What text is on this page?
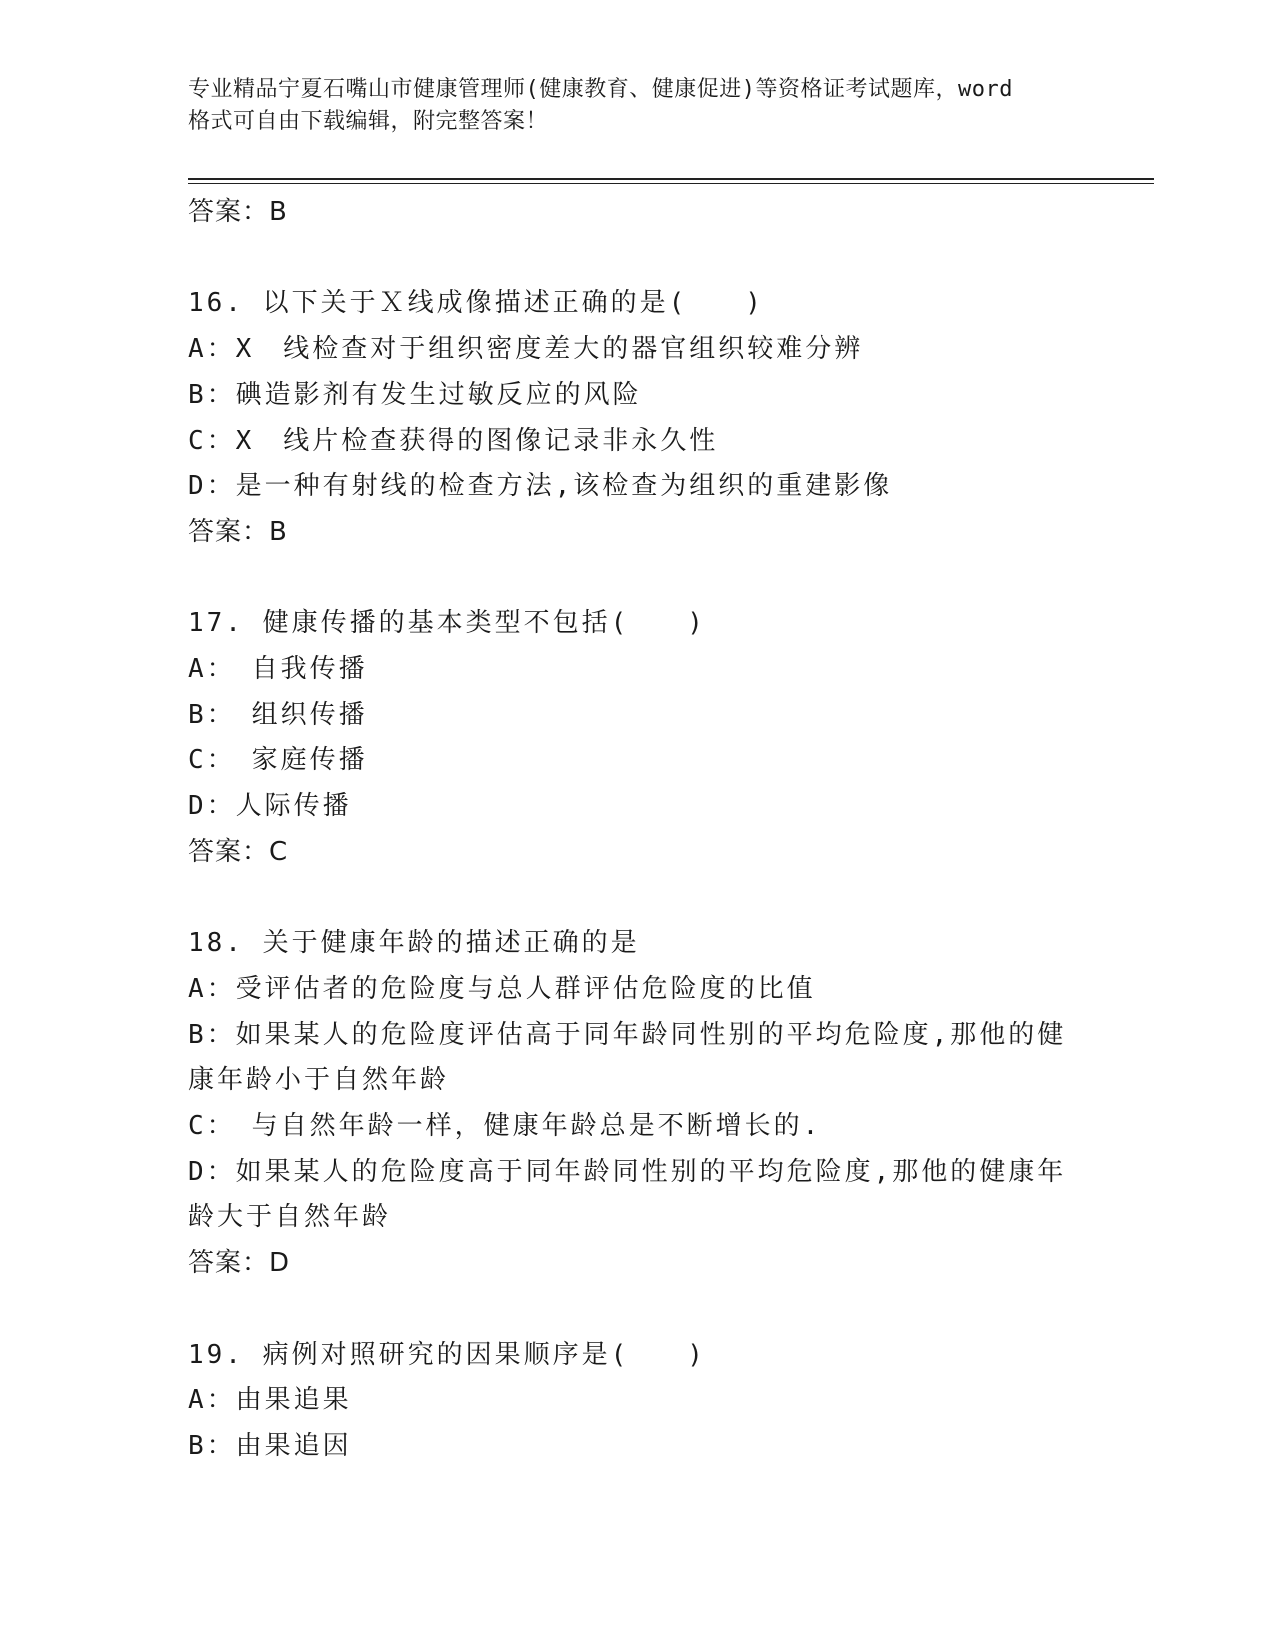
专业精品宁夏石嘴山市健康管理师(健康教育、健康促进)等资格证考试题库，word
格式可自由下载编辑，附完整答案！
答案：B
16. 以下关于Ｘ线成像描述正确的是(　　)
A：X　线检查对于组织密度差大的器官组织较难分辨
B：碘造影剂有发生过敏反应的风险
C：X　线片检查获得的图像记录非永久性
D：是一种有射线的检查方法,该检查为组织的重建影像
答案：B
17. 健康传播的基本类型不包括(　　)
A：　自我传播
B：　组织传播
C：　家庭传播
D：人际传播
答案：C
18. 关于健康年龄的描述正确的是
A：受评估者的危险度与总人群评估危险度的比值
B：如果某人的危险度评估高于同年龄同性别的平均危险度,那他的健
康年龄小于自然年龄
C：　与自然年龄一样，健康年龄总是不断增长的.
D：如果某人的危险度高于同年龄同性别的平均危险度,那他的健康年
龄大于自然年龄
答案：D
19. 病例对照研究的因果顺序是(　　)
A：由果追果
B：由果追因
